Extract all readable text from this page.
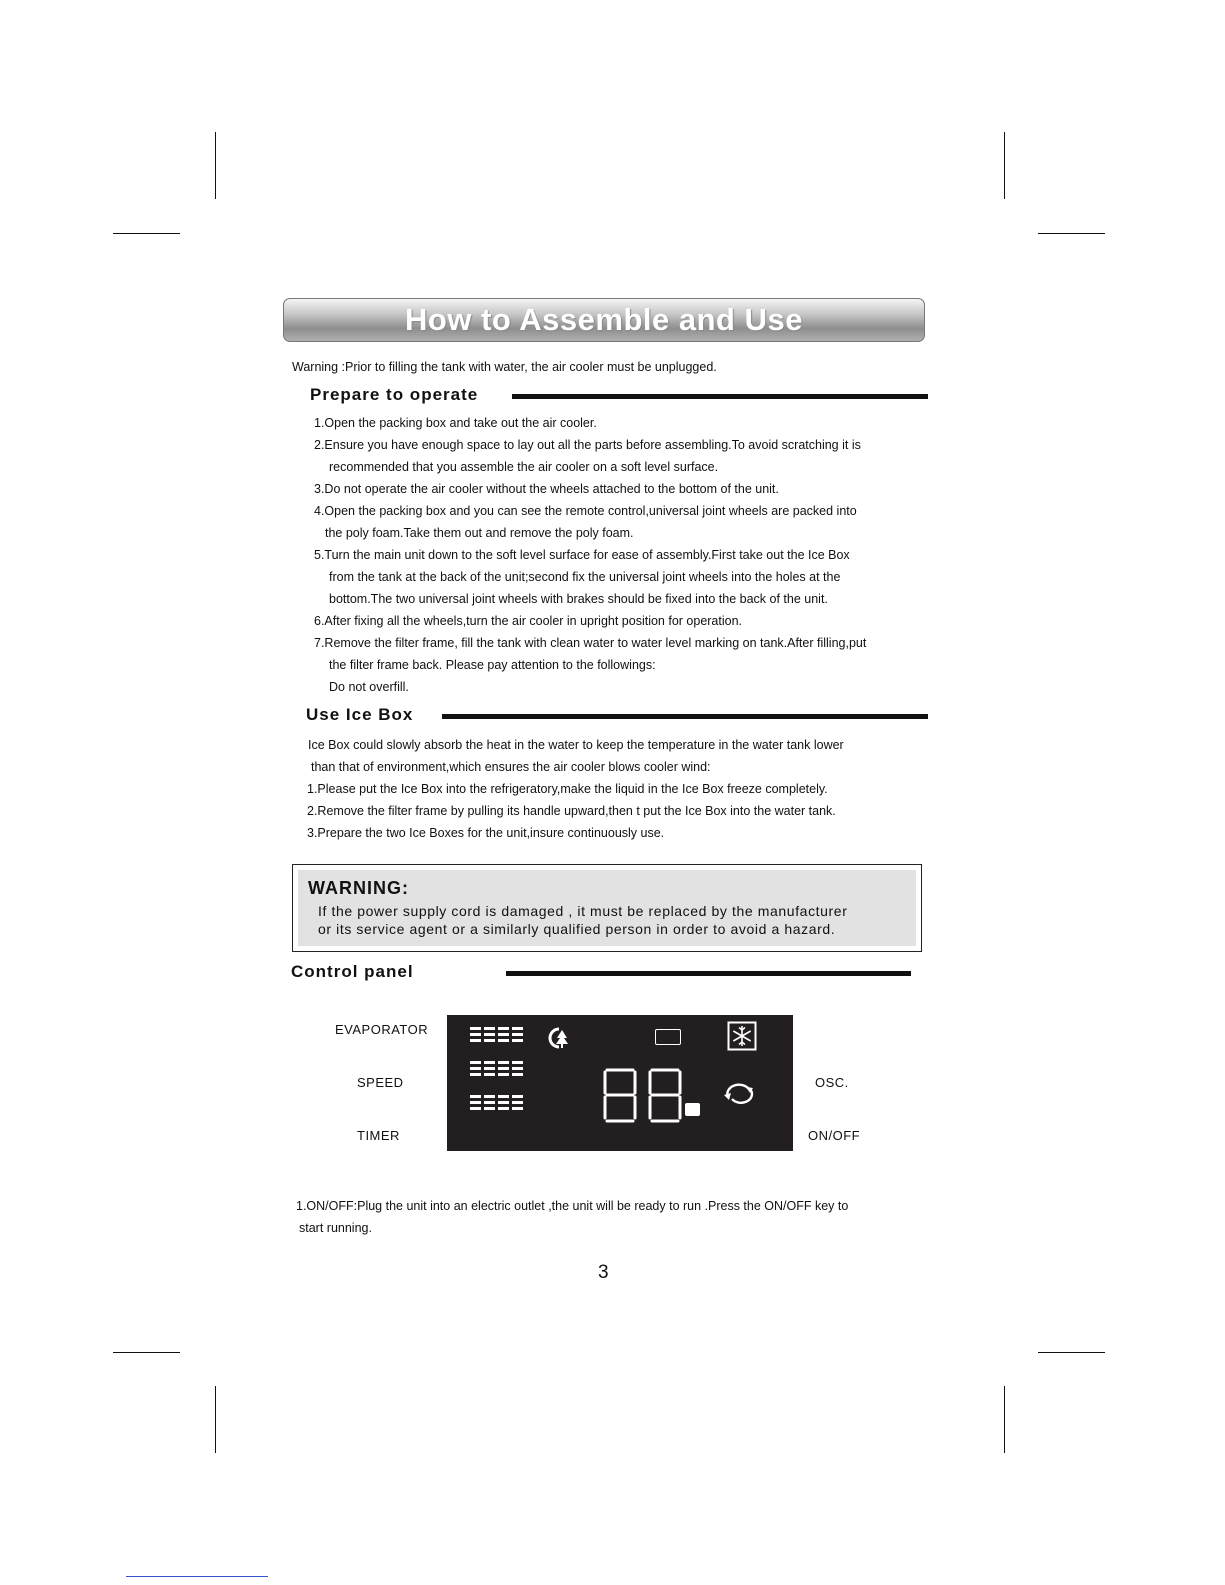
How to Assemble and Use
Warning :Prior to filling the tank with water, the air cooler must be unplugged.
Prepare to operate
1.Open the packing box and take out the air cooler.
2.Ensure you have enough space to lay out all the parts before assembling.To avoid scratching it is
recommended that you assemble the air cooler on a soft level surface.
3.Do not operate the air cooler without the wheels attached to the bottom of the unit.
4.Open the packing box and you can see the remote control,universal joint wheels are packed into
the poly foam.Take them out and remove the poly foam.
5.Turn the main unit down to the soft level surface for ease of assembly.First take out the Ice Box
from the tank at the back of the unit;second fix the universal joint wheels into the holes at the
bottom.The two universal joint wheels with brakes should be fixed into the back of the unit.
6.After fixing all the wheels,turn the air cooler in upright position for operation.
7.Remove the filter frame, fill the tank with clean water to water level marking on tank.After filling,put
the filter frame back. Please pay attention to the followings:
Do not overfill.
Use Ice Box
Ice Box could slowly absorb the heat in the water to keep the temperature in the water tank lower
than that of environment,which ensures the air cooler blows cooler wind:
1.Please put the Ice Box into the refrigeratory,make the liquid in the Ice Box freeze completely.
2.Remove the filter frame by pulling its handle upward,then t put the Ice Box into the water tank.
3.Prepare the two Ice Boxes for the unit,insure continuously use.
WARNING:
If the power supply cord is damaged , it must be replaced by the manufacturer
or its service agent or a similarly qualified person in order to avoid a hazard.
Control panel
EVAPORATOR
SPEED
TIMER
OSC.
ON/OFF
88
1.ON/OFF:Plug the unit into an electric outlet ,the unit will be ready to run .Press the ON/OFF key to
start running.
3
